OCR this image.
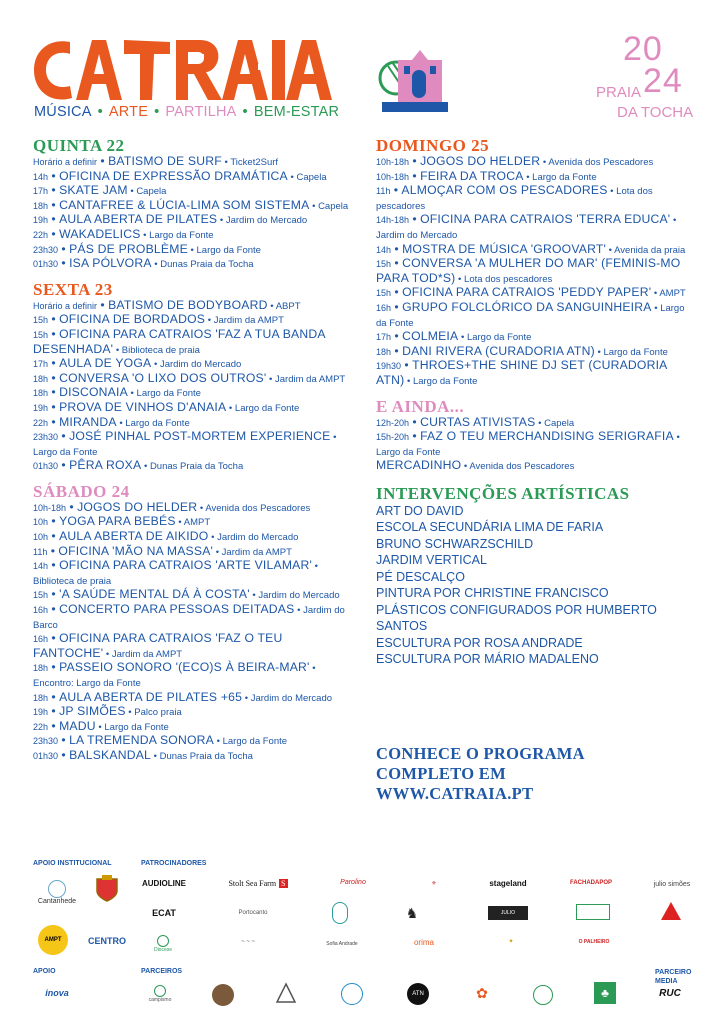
MÚSICA • ARTE • PARTILHA • BEM-ESTAR
20
PRAIA 24
DA TOCHA
QUINTA 22
Horário a definir • BATISMO DE SURF • Ticket2Surf
14h • OFICINA DE EXPRESSÃO DRAMÁTICA • Capela
17h • SKATE JAM • Capela
18h • CANTAFREE & LÚCIA-LIMA SOM SISTEMA • Capela
19h • AULA ABERTA DE PILATES • Jardim do Mercado
22h • WAKADELICS • Largo da Fonte
23h30 • PÁS DE PROBLÈME • Largo da Fonte
01h30 • ISA PÓLVORA • Dunas Praia da Tocha
SEXTA 23
Horário a definir • BATISMO DE BODYBOARD • ABPT
15h • OFICINA DE BORDADOS • Jardim da AMPT
15h • OFICINA PARA CATRAIOS 'FAZ A TUA BANDA DESENHADA' • Biblioteca de praia
17h • AULA DE YOGA • Jardim do Mercado
18h • CONVERSA 'O LIXO DOS OUTROS' • Jardim da AMPT
18h • DISCONAIA • Largo da Fonte
19h • PROVA DE VINHOS D'ANAIA • Largo da Fonte
22h • MIRANDA • Largo da Fonte
23h30 • JOSÉ PINHAL POST-MORTEM EXPERIENCE • Largo da Fonte
01h30 • PÊRA ROXA • Dunas Praia da Tocha
SÁBADO 24
10h-18h • JOGOS DO HELDER • Avenida dos Pescadores
10h • YOGA PARA BEBÉS • AMPT
10h • AULA ABERTA DE AIKIDO • Jardim do Mercado
11h • OFICINA 'MÃO NA MASSA' • Jardim da AMPT
14h • OFICINA PARA CATRAIOS 'ARTE VILAMAR' • Biblioteca de praia
15h • 'A SAÚDE MENTAL DÁ À COSTA' • Jardim do Mercado
16h • CONCERTO PARA PESSOAS DEITADAS • Jardim do Barco
16h • OFICINA PARA CATRAIOS 'FAZ O TEU FANTOCHE' • Jardim da AMPT
18h • PASSEIO SONORO '(ECO)S À BEIRA-MAR' • Encontro: Largo da Fonte
18h • AULA ABERTA DE PILATES +65 • Jardim do Mercado
19h • JP SIMÕES • Palco praia
22h • MADU • Largo da Fonte
23h30 • LA TREMENDA SONORA • Largo da Fonte
01h30 • BALSKANDAL • Dunas Praia da Tocha
DOMINGO 25
10h-18h • JOGOS DO HELDER • Avenida dos Pescadores
10h-18h • FEIRA DA TROCA • Largo da Fonte
11h • ALMOÇAR COM OS PESCADORES • Lota dos pescadores
14h-18h • OFICINA PARA CATRAIOS 'TERRA EDUCA' • Jardim do Mercado
14h • MOSTRA DE MÚSICA 'GROOVART' • Avenida da praia
15h • CONVERSA 'A MULHER DO MAR' (FEMINIS-MO PARA TOD*S) • Lota dos pescadores
15h • OFICINA PARA CATRAIOS 'PEDDY PAPER' • AMPT
16h • GRUPO FOLCLÓRICO DA SANGUINHEIRA • Largo da Fonte
17h • COLMEIA • Largo da Fonte
18h • DANI RIVERA (CURADORIA ATN) • Largo da Fonte
19h30 • THROES+THE SHINE DJ SET (CURADORIA ATN) • Largo da Fonte
E AINDA...
12h-20h • CURTAS ATIVISTAS • Capela
15h-20h • FAZ O TEU MERCHANDISING SERIGRAFIA • Largo da Fonte
MERCADINHO • Avenida dos Pescadores
INTERVENÇÕES ARTÍSTICAS
ART DO DAVID
ESCOLA SECUNDÁRIA LIMA DE FARIA
BRUNO SCHWARZSCHILD
JARDIM VERTICAL
PÉ DESCALÇO
PINTURA POR CHRISTINE FRANCISCO
PLÁSTICOS CONFIGURADOS POR HUMBERTO SANTOS
ESCULTURA POR ROSA ANDRADE
ESCULTURA POR MÁRIO MADALENO
CONHECE O PROGRAMA
COMPLETO EM
WWW.CATRAIA.PT
APOIO INSTITUCIONAL	PATROCINADORES
APOIO	PARCEIROS	PARCEIRO MEDIA
Cantanhede
AMPT	CENTRO
AUDIOLINE	Stolt Sea Farm S	Parolino	⚜	stageland	FACHADAPOP	julio simões
ECAT	Portocanto	♞	JULIO
Diocese
~ ~ ~	Sofia Andrade	orima	✦	O PALHEIRO
inova
campismo
ATN	✿	♣	RUC
